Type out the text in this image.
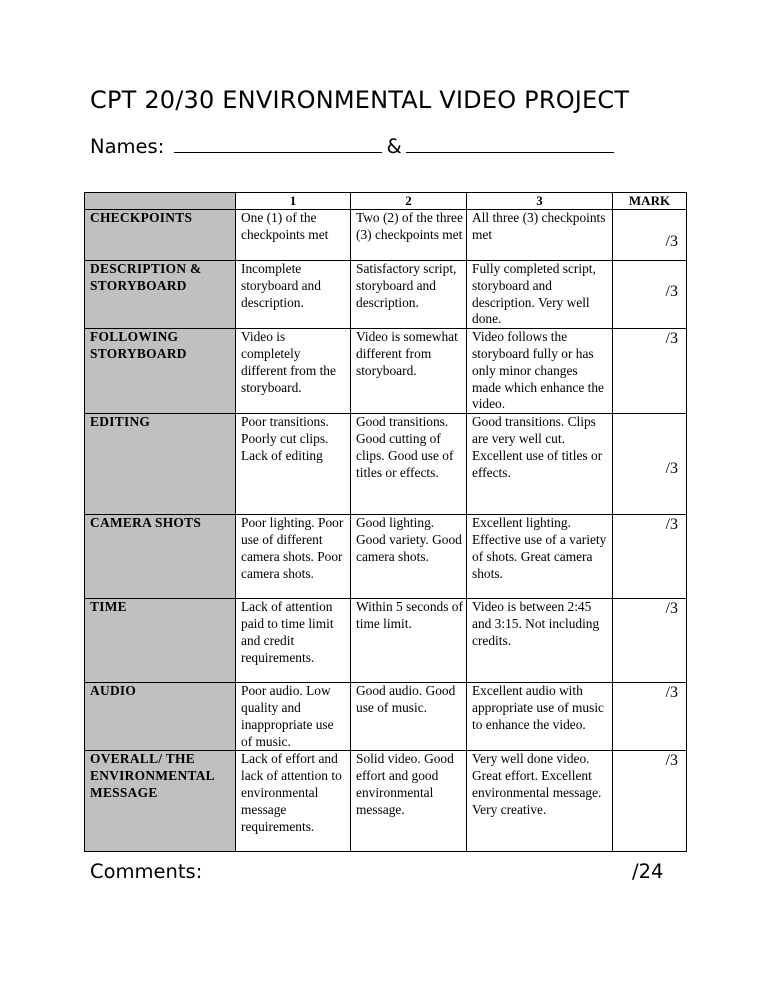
CPT 20/30 ENVIRONMENTAL VIDEO PROJECT
Names:	&
	1	2	3	MARK
CHECKPOINTS	One (1) of the checkpoints met	Two (2) of the three (3) checkpoints met	All three (3) checkpoints met	/3

DESCRIPTION & STORYBOARD	Incomplete storyboard and description.	Satisfactory script, storyboard and description.	Fully completed script, storyboard and description. Very well done.	/3

FOLLOWING STORYBOARD	Video is completely different from the storyboard.	Video is somewhat different from storyboard.	Video follows the storyboard fully or has only minor changes made which enhance the video.	/3

EDITING	Poor transitions. Poorly cut clips. Lack of editing	Good transitions. Good cutting of clips. Good use of titles or effects.	Good transitions. Clips are very well cut. Excellent use of titles or effects.	/3

CAMERA SHOTS	Poor lighting. Poor use of different camera shots. Poor camera shots.	Good lighting. Good variety. Good camera shots.	Excellent lighting. Effective use of a variety of shots. Great camera shots.	/3

TIME	Lack of attention paid to time limit and credit requirements.	Within 5 seconds of time limit.	Video is between 2:45 and 3:15. Not including credits.	/3

AUDIO	Poor audio. Low quality and inappropriate use of music.	Good audio. Good use of music.	Excellent audio with appropriate use of music to enhance the video.	/3

OVERALL/ THE ENVIRONMENTAL MESSAGE	Lack of effort and lack of attention to environmental message requirements.	Solid video. Good effort and good environmental message.	Very well done video. Great effort. Excellent environmental message. Very creative.	/3
Comments:	/24
